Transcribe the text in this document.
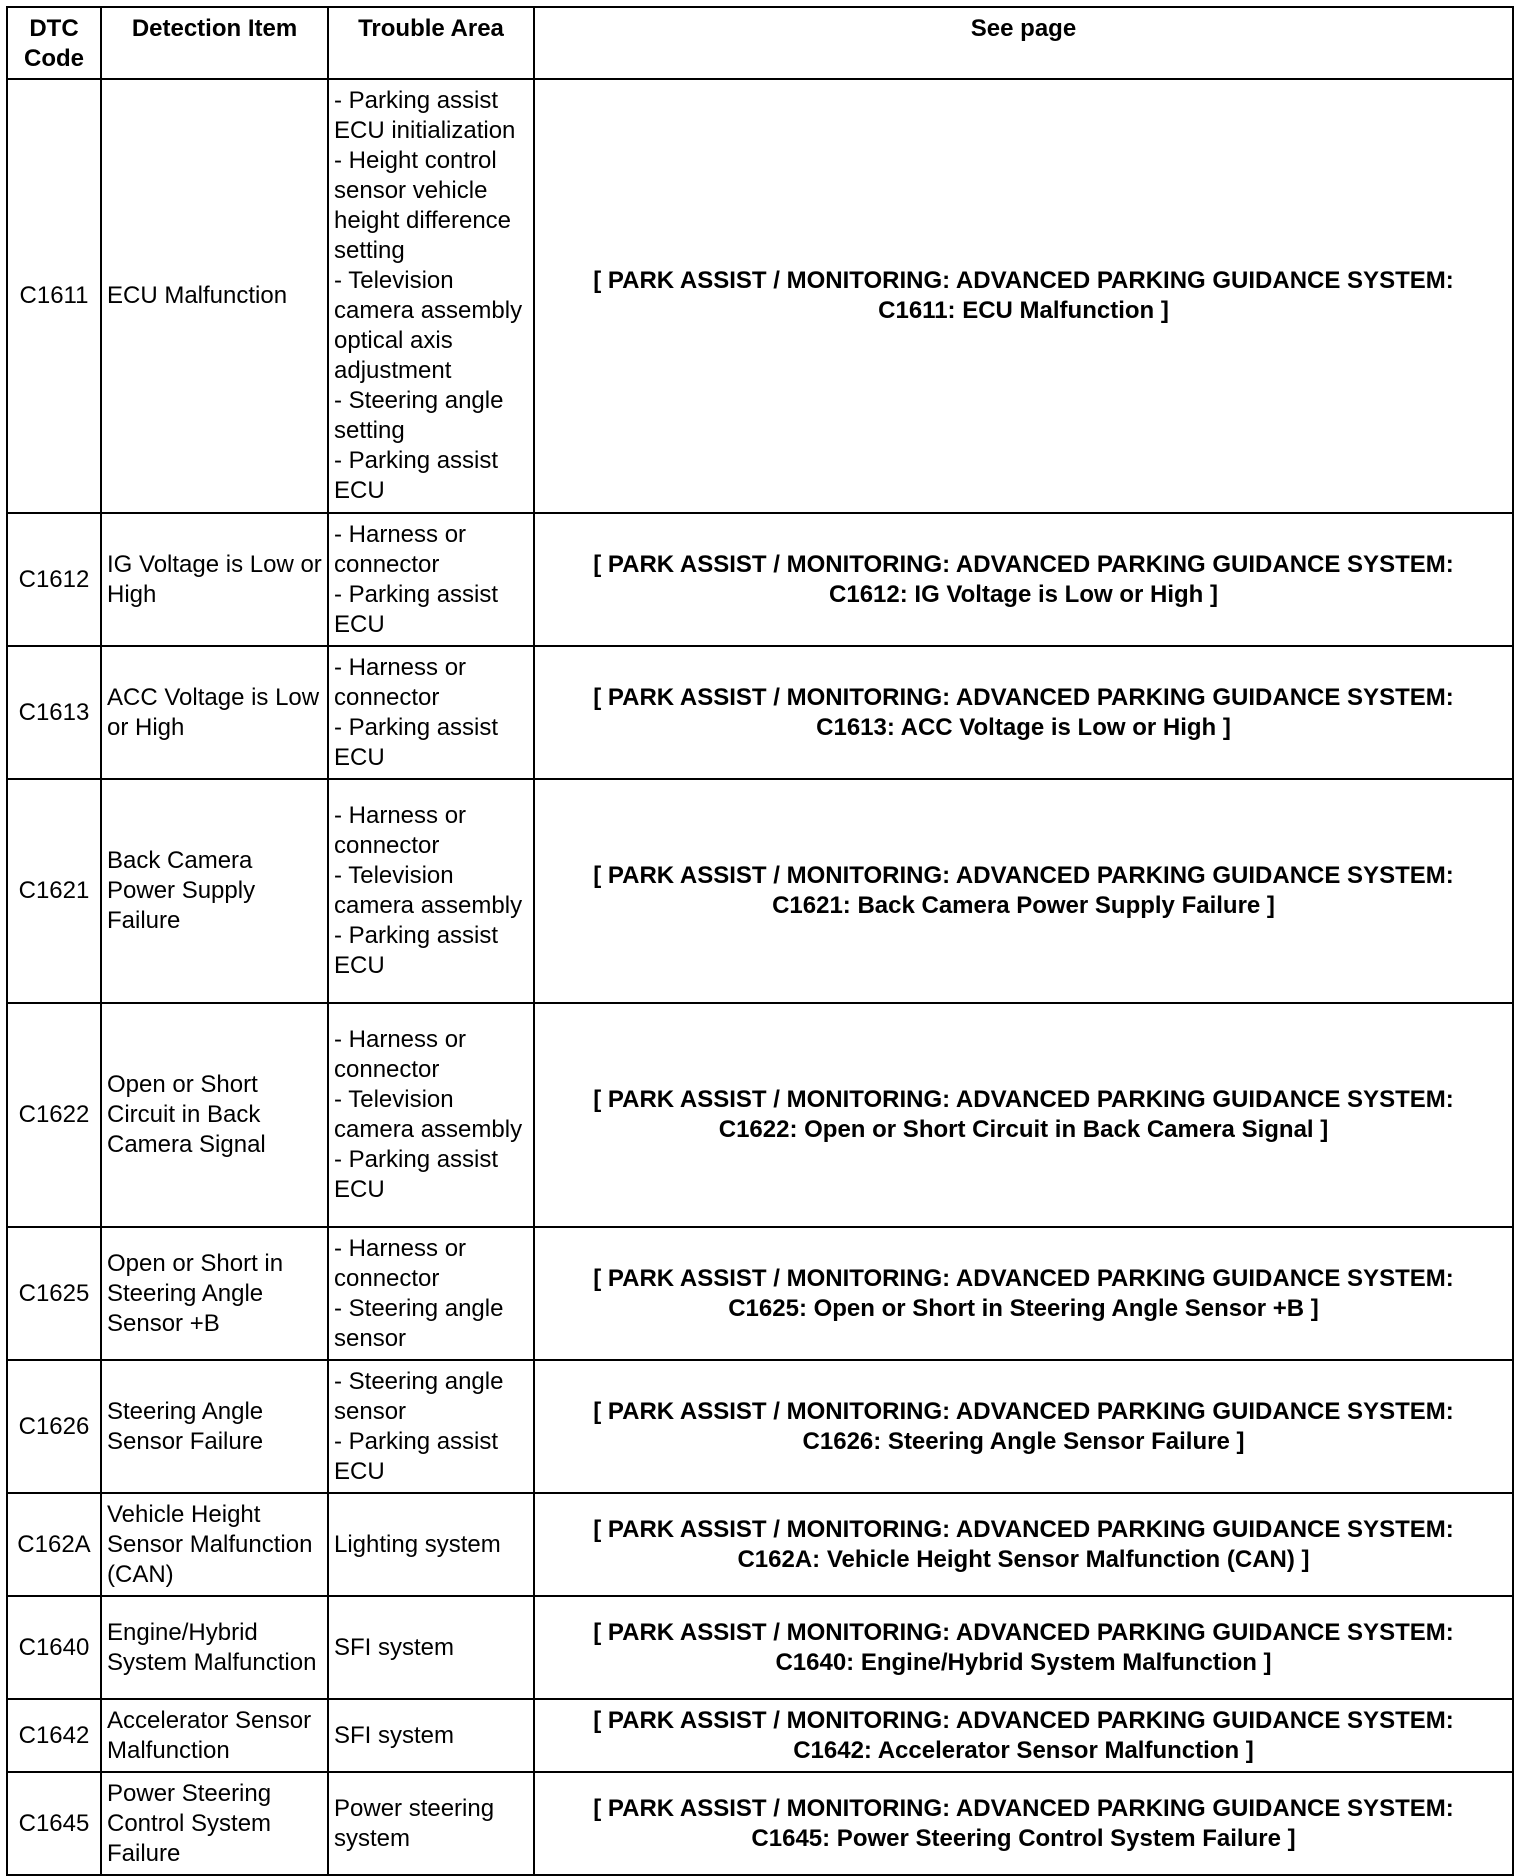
DTC Code	Detection Item	Trouble Area	See page
C1611	ECU Malfunction	- Parking assist ECU initialization
- Height control sensor vehicle height difference setting
- Television camera assembly optical axis adjustment
- Steering angle setting
- Parking assist ECU	[ PARK ASSIST / MONITORING: ADVANCED PARKING GUIDANCE SYSTEM:
C1611: ECU Malfunction ]

C1612	IG Voltage is Low or High	- Harness or connector
- Parking assist ECU	[ PARK ASSIST / MONITORING: ADVANCED PARKING GUIDANCE SYSTEM:
C1612: IG Voltage is Low or High ]

C1613	ACC Voltage is Low or High	- Harness or connector
- Parking assist ECU	[ PARK ASSIST / MONITORING: ADVANCED PARKING GUIDANCE SYSTEM:
C1613: ACC Voltage is Low or High ]

C1621	Back Camera Power Supply Failure	- Harness or connector
- Television camera assembly
- Parking assist ECU	[ PARK ASSIST / MONITORING: ADVANCED PARKING GUIDANCE SYSTEM:
C1621: Back Camera Power Supply Failure ]

C1622	Open or Short Circuit in Back Camera Signal	- Harness or connector
- Television camera assembly
- Parking assist ECU	[ PARK ASSIST / MONITORING: ADVANCED PARKING GUIDANCE SYSTEM:
C1622: Open or Short Circuit in Back Camera Signal ]

C1625	Open or Short in Steering Angle Sensor +B	- Harness or connector
- Steering angle sensor	[ PARK ASSIST / MONITORING: ADVANCED PARKING GUIDANCE SYSTEM:
C1625: Open or Short in Steering Angle Sensor +B ]

C1626	Steering Angle Sensor Failure	- Steering angle sensor
- Parking assist ECU	[ PARK ASSIST / MONITORING: ADVANCED PARKING GUIDANCE SYSTEM:
C1626: Steering Angle Sensor Failure ]

C162A	Vehicle Height Sensor Malfunction (CAN)	Lighting system	[ PARK ASSIST / MONITORING: ADVANCED PARKING GUIDANCE SYSTEM:
C162A: Vehicle Height Sensor Malfunction (CAN) ]

C1640	Engine/Hybrid System Malfunction	SFI system	[ PARK ASSIST / MONITORING: ADVANCED PARKING GUIDANCE SYSTEM:
C1640: Engine/Hybrid System Malfunction ]

C1642	Accelerator Sensor Malfunction	SFI system	[ PARK ASSIST / MONITORING: ADVANCED PARKING GUIDANCE SYSTEM:
C1642: Accelerator Sensor Malfunction ]

C1645	Power Steering Control System Failure	Power steering system	[ PARK ASSIST / MONITORING: ADVANCED PARKING GUIDANCE SYSTEM:
C1645: Power Steering Control System Failure ]
